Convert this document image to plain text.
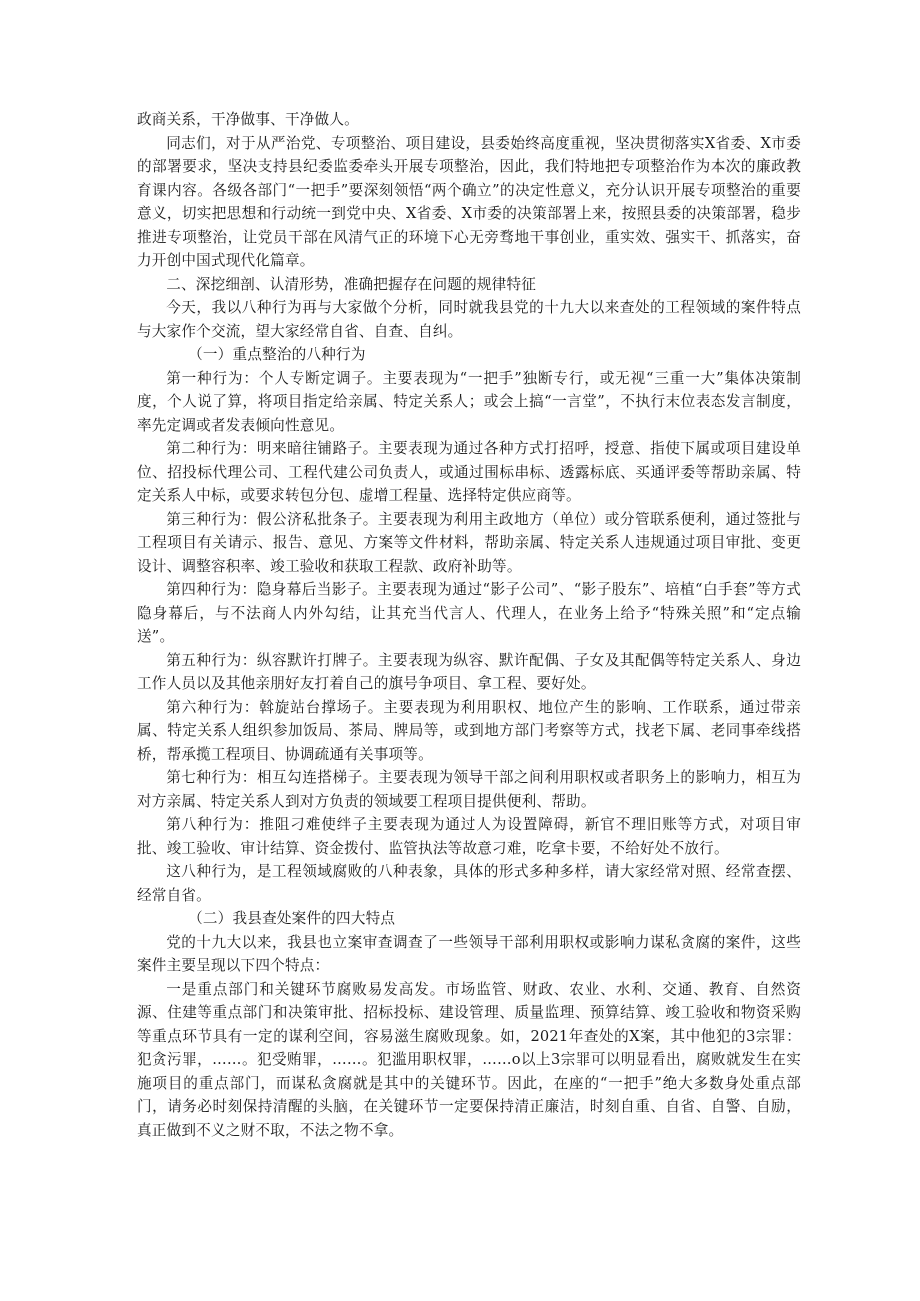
政商关系，干净做事、干净做人。

同志们，对于从严治党、专项整治、项目建设，县委始终高度重视，坚决贯彻落实X省委、X市委的部署要求，坚决支持县纪委监委牵头开展专项整治，因此，我们特地把专项整治作为本次的廉政教育课内容。各级各部门“一把手”要深刻领悟“两个确立”的决定性意义，充分认识开展专项整治的重要意义，切实把思想和行动统一到党中央、X省委、X市委的决策部署上来，按照县委的决策部署，稳步推进专项整治，让党员干部在风清气正的环境下心无旁骛地干事创业，重实效、强实干、抓落实，奋力开创中国式现代化篇章。

二、深挖细剖、认清形势，准确把握存在问题的规律特征

今天，我以八种行为再与大家做个分析，同时就我县党的十九大以来查处的工程领域的案件特点与大家作个交流，望大家经常自省、自查、自纠。

（一）重点整治的八种行为

第一种行为：个人专断定调子。主要表现为“一把手”独断专行，或无视“三重一大”集体决策制度，个人说了算，将项目指定给亲属、特定关系人；或会上搞“一言堂”，不执行末位表态发言制度，率先定调或者发表倾向性意见。

第二种行为：明来暗往铺路子。主要表现为通过各种方式打招呼，授意、指使下属或项目建设单位、招投标代理公司、工程代建公司负责人，或通过围标串标、透露标底、买通评委等帮助亲属、特定关系人中标，或要求转包分包、虚增工程量、选择特定供应商等。

第三种行为：假公济私批条子。主要表现为利用主政地方（单位）或分管联系便利，通过签批与工程项目有关请示、报告、意见、方案等文件材料，帮助亲属、特定关系人违规通过项目审批、变更设计、调整容积率、竣工验收和获取工程款、政府补助等。

第四种行为：隐身幕后当影子。主要表现为通过“影子公司”、“影子股东”、培植“白手套”等方式隐身幕后，与不法商人内外勾结，让其充当代言人、代理人，在业务上给予“特殊关照”和“定点输送”。

第五种行为：纵容默许打牌子。主要表现为纵容、默许配偶、子女及其配偶等特定关系人、身边工作人员以及其他亲朋好友打着自己的旗号争项目、拿工程、要好处。

第六种行为：斡旋站台撑场子。主要表现为利用职权、地位产生的影响、工作联系，通过带亲属、特定关系人组织参加饭局、茶局、牌局等，或到地方部门考察等方式，找老下属、老同事牵线搭桥，帮承揽工程项目、协调疏通有关事项等。

第七种行为：相互勾连搭梯子。主要表现为领导干部之间利用职权或者职务上的影响力，相互为对方亲属、特定关系人到对方负责的领域要工程项目提供便利、帮助。

第八种行为：推阻刁难使绊子主要表现为通过人为设置障碍，新官不理旧账等方式，对项目审批、竣工验收、审计结算、资金拨付、监管执法等故意刁难，吃拿卡要，不给好处不放行。

这八种行为，是工程领域腐败的八种表象，具体的形式多种多样，请大家经常对照、经常查摆、经常自省。

（二）我县查处案件的四大特点

党的十九大以来，我县也立案审查调查了一些领导干部利用职权或影响力谋私贪腐的案件，这些案件主要呈现以下四个特点：

一是重点部门和关键环节腐败易发高发。市场监管、财政、农业、水利、交通、教育、自然资源、住建等重点部门和决策审批、招标投标、建设管理、质量监理、预算结算、竣工验收和物资采购等重点环节具有一定的谋利空间，容易滋生腐败现象。如，2021年查处的X案，其中他犯的3宗罪：犯贪污罪，……。犯受贿罪，……。犯滥用职权罪，……o以上3宗罪可以明显看出，腐败就发生在实施项目的重点部门，而谋私贪腐就是其中的关键环节。因此，在座的“一把手”绝大多数身处重点部门，请务必时刻保持清醒的头脑，在关键环节一定要保持清正廉洁，时刻自重、自省、自警、自励，真正做到不义之财不取，不法之物不拿。
